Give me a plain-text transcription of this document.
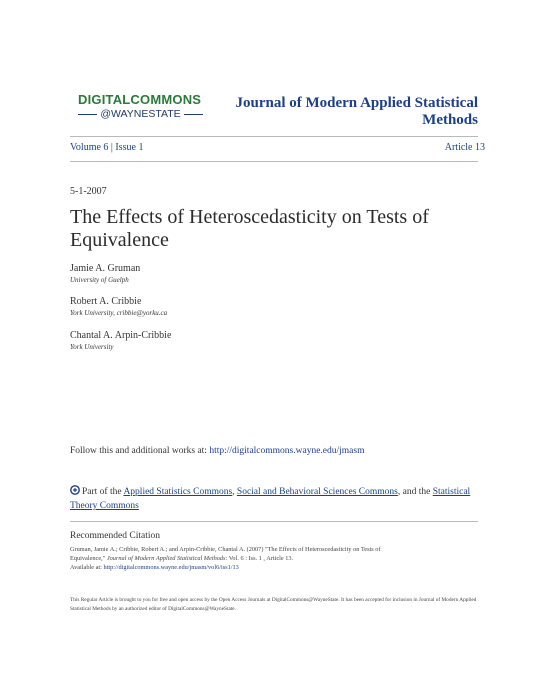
DIGITALCOMMONS
@WAYNESTATE
Journal of Modern Applied Statistical Methods
Volume 6 | Issue 1	Article 13
5-1-2007
The Effects of Heteroscedasticity on Tests of Equivalence
Jamie A. Gruman
University of Guelph
Robert A. Cribbie
York University, cribbie@yorku.ca
Chantal A. Arpin-Cribbie
York University
Follow this and additional works at: http://digitalcommons.wayne.edu/jmasm
Part of the Applied Statistics Commons, Social and Behavioral Sciences Commons, and the Statistical Theory Commons
Recommended Citation
Gruman, Jamie A.; Cribbie, Robert A.; and Arpin-Cribbie, Chantal A. (2007) "The Effects of Heteroscedasticity on Tests of
Equivalence," Journal of Modern Applied Statistical Methods: Vol. 6 : Iss. 1 , Article 13.
Available at: http://digitalcommons.wayne.edu/jmasm/vol6/iss1/13
This Regular Article is brought to you for free and open access by the Open Access Journals at DigitalCommons@WayneState. It has been accepted for inclusion in Journal of Modern Applied Statistical Methods by an authorized editor of DigitalCommons@WayneState.
